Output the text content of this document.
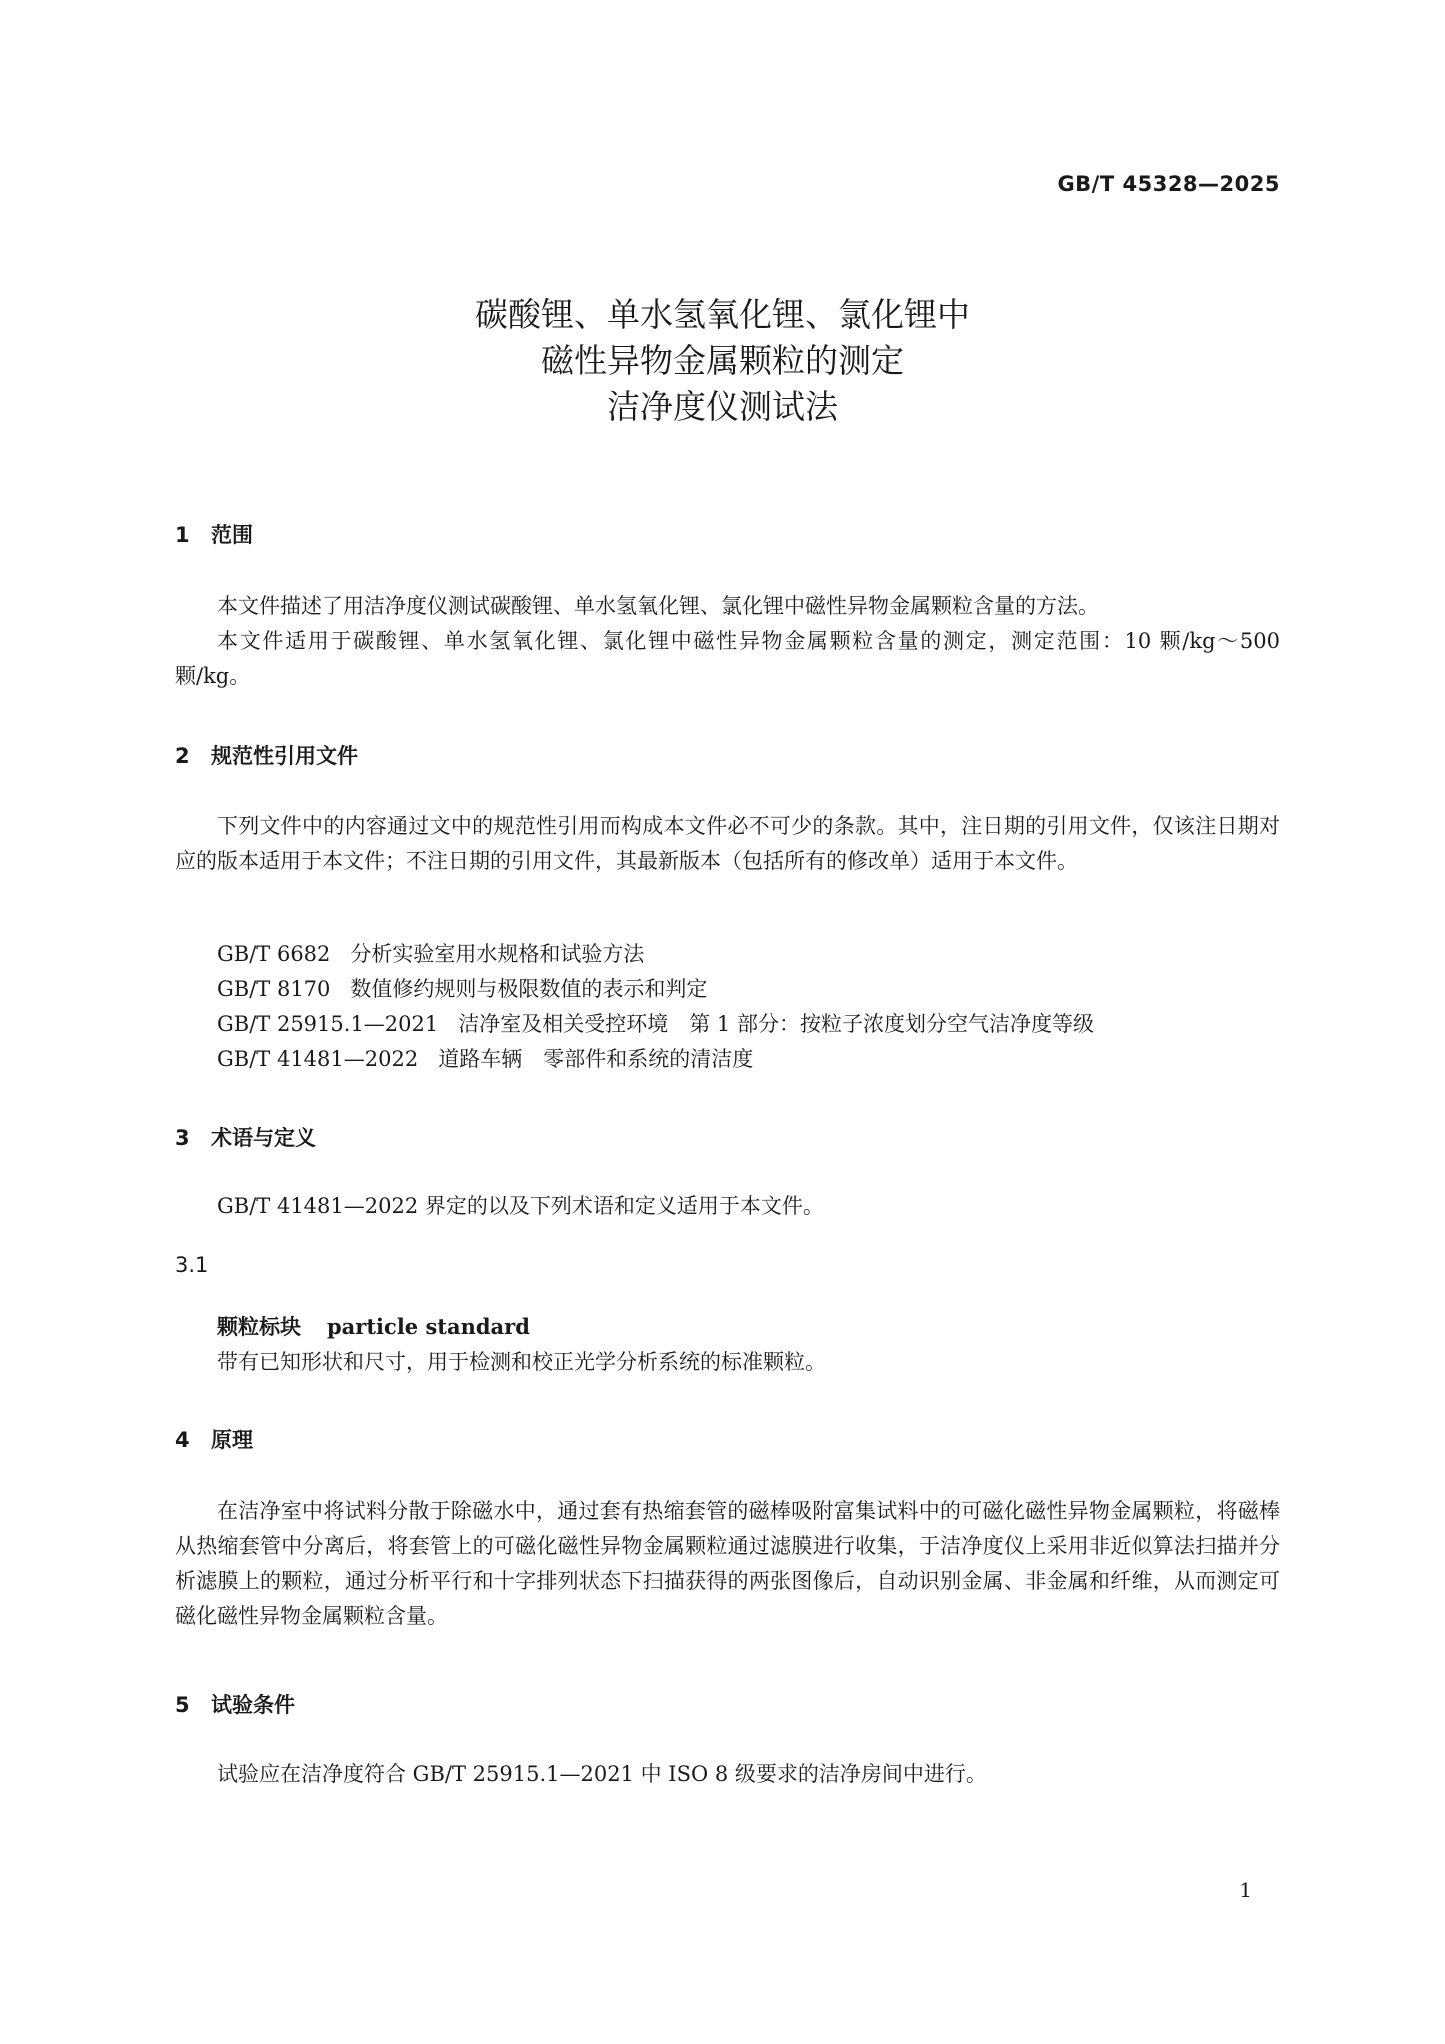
GB/T 45328—2025
碳酸锂、单水氢氧化锂、氯化锂中
磁性异物金属颗粒的测定
洁净度仪测试法
1 范围
本文件描述了用洁净度仪测试碳酸锂、单水氢氧化锂、氯化锂中磁性异物金属颗粒含量的方法。
本文件适用于碳酸锂、单水氢氧化锂、氯化锂中磁性异物金属颗粒含量的测定，测定范围：10 颗/kg～500 颗/kg。
2 规范性引用文件
下列文件中的内容通过文中的规范性引用而构成本文件必不可少的条款。其中，注日期的引用文件，仅该注日期对应的版本适用于本文件；不注日期的引用文件，其最新版本（包括所有的修改单）适用于本文件。
GB/T 6682 分析实验室用水规格和试验方法
GB/T 8170 数值修约规则与极限数值的表示和判定
GB/T 25915.1—2021 洁净室及相关受控环境　第 1 部分：按粒子浓度划分空气洁净度等级
GB/T 41481—2022 道路车辆　零部件和系统的清洁度
3 术语与定义
GB/T 41481—2022 界定的以及下列术语和定义适用于本文件。
3.1
颗粒标块 particle standard
带有已知形状和尺寸，用于检测和校正光学分析系统的标准颗粒。
4 原理
在洁净室中将试料分散于除磁水中，通过套有热缩套管的磁棒吸附富集试料中的可磁化磁性异物金属颗粒，将磁棒从热缩套管中分离后，将套管上的可磁化磁性异物金属颗粒通过滤膜进行收集，于洁净度仪上采用非近似算法扫描并分析滤膜上的颗粒，通过分析平行和十字排列状态下扫描获得的两张图像后，自动识别金属、非金属和纤维，从而测定可磁化磁性异物金属颗粒含量。
5 试验条件
试验应在洁净度符合 GB/T 25915.1—2021 中 ISO 8 级要求的洁净房间中进行。
1
